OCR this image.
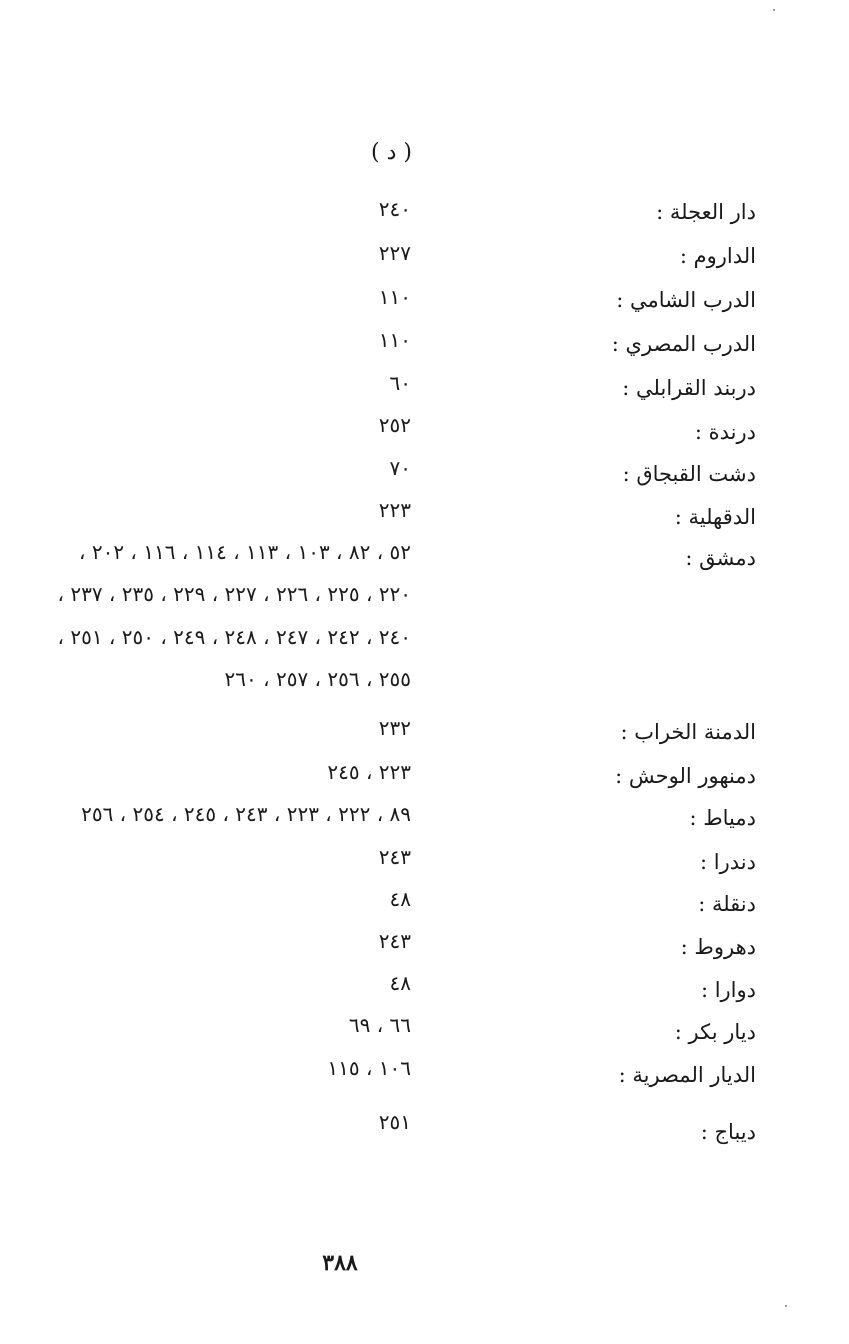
( د )
دار العجلة :
٢٤٠
الداروم :
٢٢٧
الدرب الشامي :
١١٠
الدرب المصري :
١١٠
دربند القرابلي :
٦٠
درندة :
٢٥٢
دشت القبجاق :
٧٠
الدقهلية :
٢٢٣
دمشق :
٥٢ ، ٨٢ ، ١٠٣ ، ١١٣ ، ١١٤ ، ١١٦ ، ٢٠٢ ،
٢٢٠ ، ٢٢٥ ، ٢٢٦ ، ٢٢٧ ، ٢٢٩ ، ٢٣٥ ، ٢٣٧ ،
٢٤٠ ، ٢٤٢ ، ٢٤٧ ، ٢٤٨ ، ٢٤٩ ، ٢٥٠ ، ٢٥١ ،
٢٥٥ ، ٢٥٦ ، ٢٥٧ ، ٢٦٠
الدمنة الخراب :
٢٣٢
دمنهور الوحش :
٢٢٣ ، ٢٤٥
دمياط :
٨٩ ، ٢٢٢ ، ٢٢٣ ، ٢٤٣ ، ٢٤٥ ، ٢٥٤ ، ٢٥٦
دندرا :
٢٤٣
دنقلة :
٤٨
دهروط :
٢٤٣
دوارا :
٤٨
ديار بكر :
٦٦ ، ٦٩
الديار المصرية :
١٠٦ ، ١١٥
ديباج :
٢٥١
٣٨٨
